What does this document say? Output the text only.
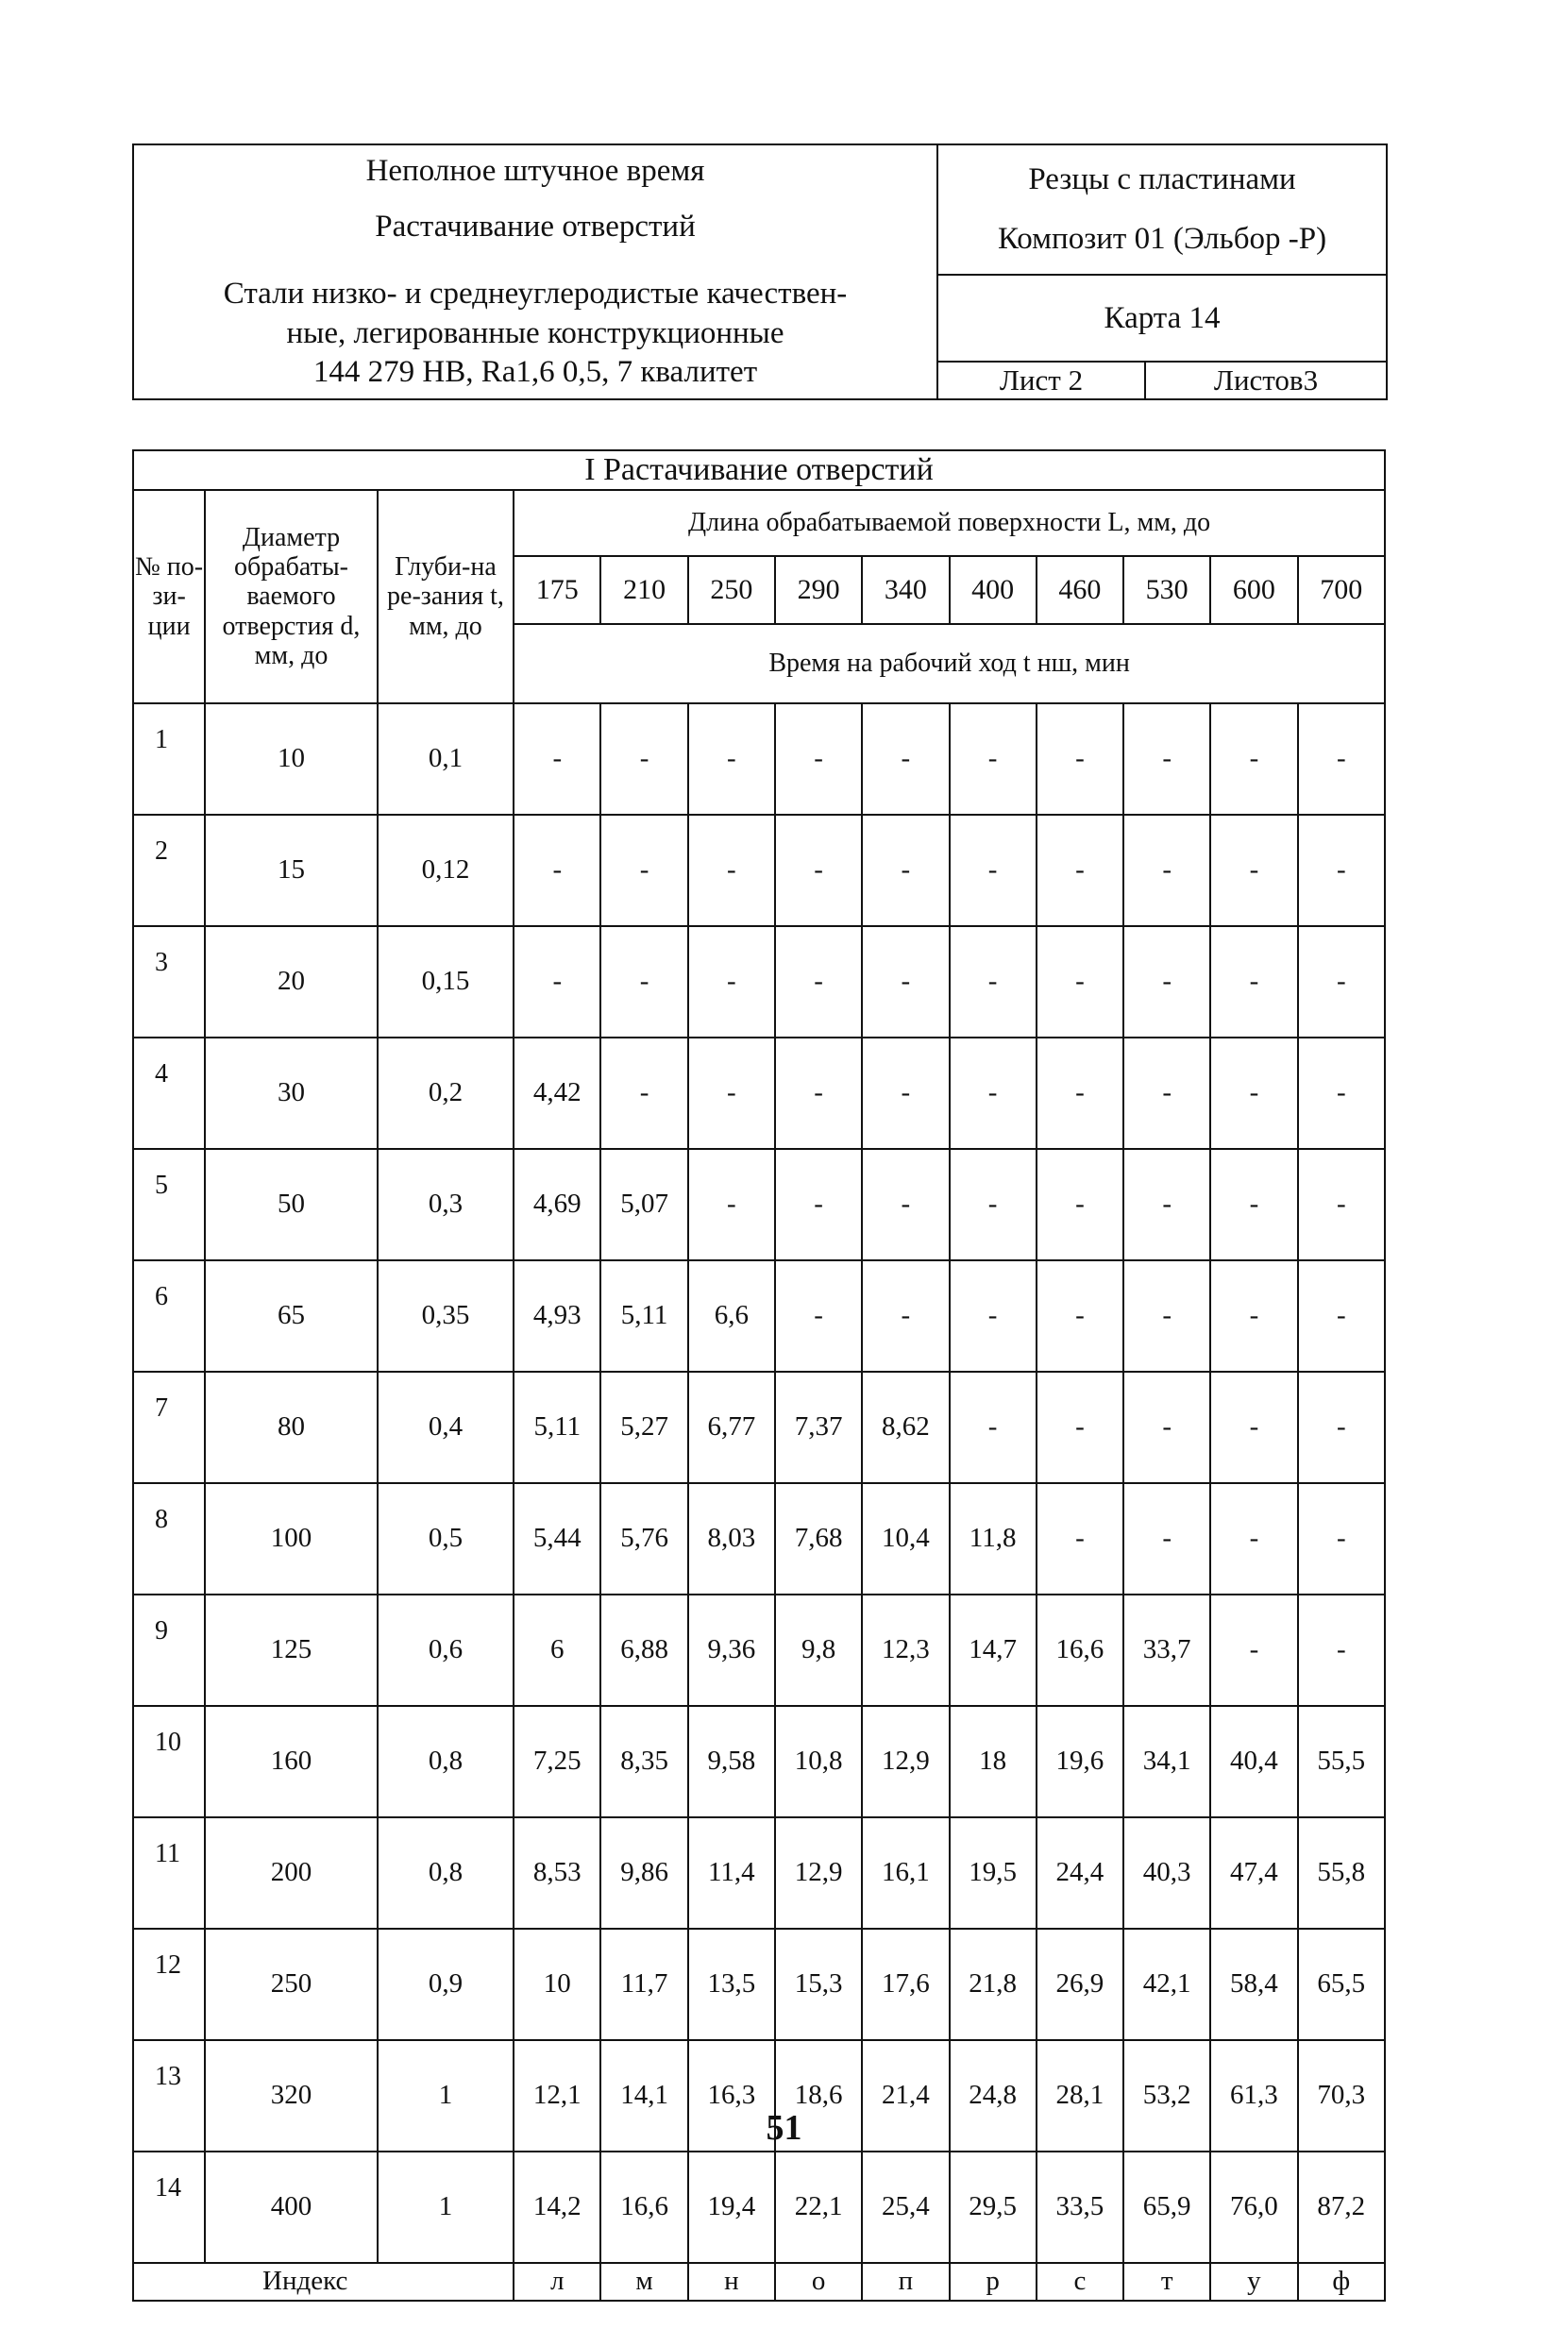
Неполное штучное время
Растачивание отверстий
Стали низко- и среднеуглеродистые качествен-
ные, легированные конструкционные
144 279 НВ, Ra1,6 0,5, 7 квалитет	Резцы с пластинами
Композит 01 (Эльбор -Р)	

	Карта 14	
	Лист 2	Листов3
I Растачивание отверстий												
№ по-зи-ции	Диаметр обрабаты-ваемого отверстия d, мм, до	Глуби-на ре-зания t, мм, до	Длина обрабатываемой поверхности L, мм, до									
			175	210	250	290	340	400	460	530	600	700
			Время на рабочий ход t нш, мин									
1	10	0,1	-	-	-	-	-	-	-	-	-	-
2	15	0,12	-	-	-	-	-	-	-	-	-	-
3	20	0,15	-	-	-	-	-	-	-	-	-	-
4	30	0,2	4,42	-	-	-	-	-	-	-	-	-
5	50	0,3	4,69	5,07	-	-	-	-	-	-	-	-
6	65	0,35	4,93	5,11	6,6	-	-	-	-	-	-	-
7	80	0,4	5,11	5,27	6,77	7,37	8,62	-	-	-	-	-
8	100	0,5	5,44	5,76	8,03	7,68	10,4	11,8	-	-	-	-
9	125	0,6	6	6,88	9,36	9,8	12,3	14,7	16,6	33,7	-	-
10	160	0,8	7,25	8,35	9,58	10,8	12,9	18	19,6	34,1	40,4	55,5
11	200	0,8	8,53	9,86	11,4	12,9	16,1	19,5	24,4	40,3	47,4	55,8
12	250	0,9	10	11,7	13,5	15,3	17,6	21,8	26,9	42,1	58,4	65,5
13	320	1	12,1	14,1	16,3	18,6	21,4	24,8	28,1	53,2	61,3	70,3
14	400	1	14,2	16,6	19,4	22,1	25,4	29,5	33,5	65,9	76,0	87,2
Индекс			л	м	н	о	п	р	с	т	у	ф
51
